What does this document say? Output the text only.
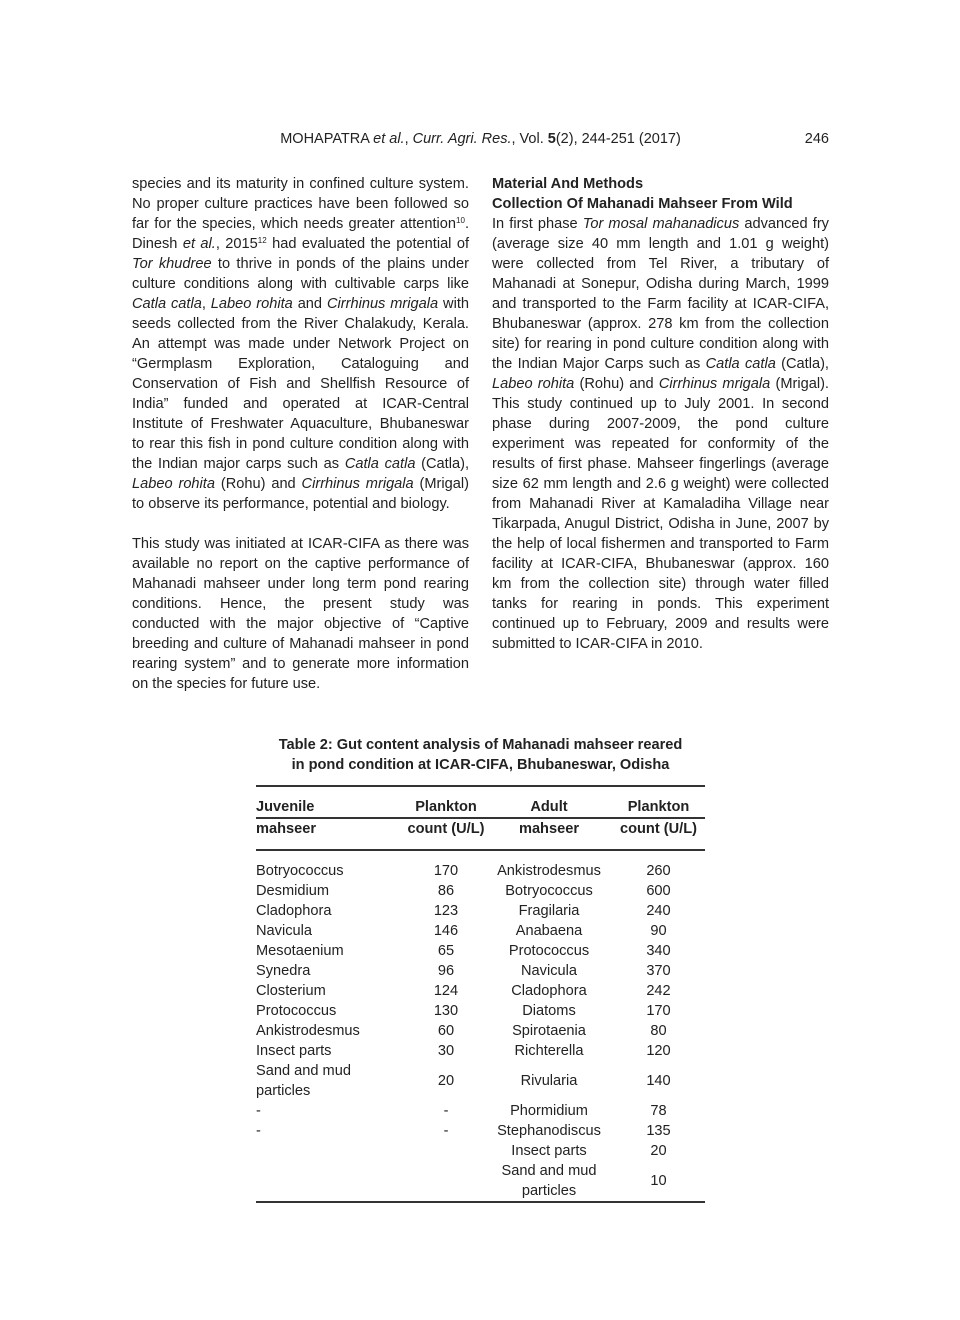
MOHAPATRA et al., Curr. Agri. Res., Vol. 5(2), 244-251 (2017)	246

species and its maturity in confined culture system. No proper culture practices have been followed so far for the species, which needs greater attention$^{10}$. Dinesh et al., 2015$^{12}$ had evaluated the potential of Tor khudree to thrive in ponds of the plains under culture conditions along with cultivable carps like Catla catla, Labeo rohita and Cirrhinus mrigala with seeds collected from the River Chalakudy, Kerala. An attempt was made under Network Project on “Germplasm Exploration, Cataloguing and Conservation of Fish and Shellfish Resource of India” funded and operated at ICAR-Central Institute of Freshwater Aquaculture, Bhubaneswar to rear this fish in pond culture condition along with the Indian major carps such as Catla catla (Catla), Labeo rohita (Rohu) and Cirrhinus mrigala (Mrigal) to observe its performance, potential and biology.

This study was initiated at ICAR-CIFA as there was available no report on the captive performance of Mahanadi mahseer under long term pond rearing conditions. Hence, the present study was conducted with the major objective of “Captive breeding and culture of Mahanadi mahseer in pond rearing system” and to generate more information on the species for future use.

Material And Methods

Collection Of Mahanadi Mahseer From Wild

In first phase Tor mosal mahanadicus advanced fry (average size 40 mm length and 1.01 g weight) were collected from Tel River, a tributary of Mahanadi at Sonepur, Odisha during March, 1999 and transported to the Farm facility at ICAR-CIFA, Bhubaneswar (approx. 278 km from the collection site) for rearing in pond culture condition along with the Indian Major Carps such as Catla catla (Catla), Labeo rohita (Rohu) and Cirrhinus mrigala (Mrigal). This study continued up to July 2001. In second phase during 2007-2009, the pond culture experiment was repeated for conformity of the results of first phase. Mahseer fingerlings (average size 62 mm length and 2.6 g weight) were collected from Mahanadi River at Kamaladiha Village near Tikarpada, Anugul District, Odisha in June, 2007 by the help of local fishermen and transported to Farm facility at ICAR-CIFA, Bhubaneswar (approx. 160 km from the collection site) through water filled tanks for rearing in ponds. This experiment continued up to February, 2009 and results were submitted to ICAR-CIFA in 2010.

Table 2: Gut content analysis of Mahanadi mahseer reared
in pond condition at ICAR-CIFA, Bhubaneswar, Odisha
Juvenile	Plankton	Adult	Plankton
mahseer	count (U/L)	mahseer	count (U/L)
Botryococcus	170	Ankistrodesmus	260
Desmidium	86	Botryococcus	600
Cladophora	123	Fragilaria	240
Navicula	146	Anabaena	90
Mesotaenium	65	Protococcus	340
Synedra	96	Navicula	370
Closterium	124	Cladophora	242
Protococcus	130	Diatoms	170
Ankistrodesmus	60	Spirotaenia	80
Insect parts	30	Richterella	120
Sand and mud particles	20	Rivularia	140
-	-	Phormidium	78
-	-	Stephanodiscus	135
		Insect parts	20
		Sand and mud particles	10
